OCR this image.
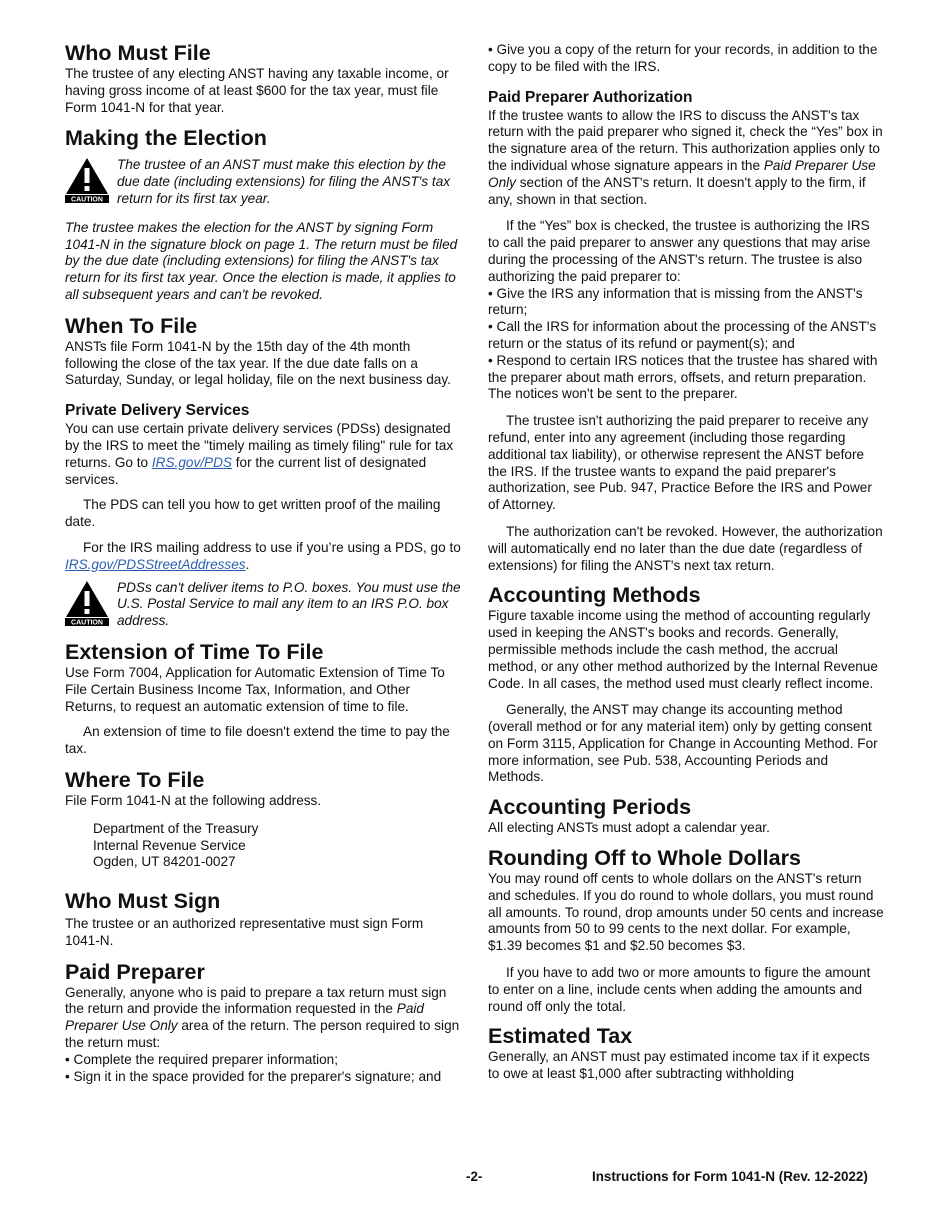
Who Must File

The trustee of any electing ANST having any taxable income, or having gross income of at least $600 for the tax year, must file Form 1041-N for that year.

Making the Election
CAUTION

The trustee of an ANST must make this election by the due date (including extensions) for filing the ANST's tax return for its first tax year.

The trustee makes the election for the ANST by signing Form 1041-N in the signature block on page 1. The return must be filed by the due date (including extensions) for filing the ANST's tax return for its first tax year. Once the election is made, it applies to all subsequent years and can't be revoked.

When To File

ANSTs file Form 1041-N by the 15th day of the 4th month following the close of the tax year. If the due date falls on a Saturday, Sunday, or legal holiday, file on the next business day.

Private Delivery Services

You can use certain private delivery services (PDSs) designated by the IRS to meet the "timely mailing as timely filing" rule for tax returns. Go to IRS.gov/PDS for the current list of designated services.

The PDS can tell you how to get written proof of the mailing date.

For the IRS mailing address to use if you’re using a PDS, go to IRS.gov/PDSStreetAddresses.

CAUTION

PDSs can't deliver items to P.O. boxes. You must use the U.S. Postal Service to mail any item to an IRS P.O. box address.

Extension of Time To File

Use Form 7004, Application for Automatic Extension of Time To File Certain Business Income Tax, Information, and Other Returns, to request an automatic extension of time to file.

An extension of time to file doesn't extend the time to pay the tax.

Where To File

File Form 1041-N at the following address.

Department of the Treasury

Internal Revenue Service

Ogden, UT 84201-0027

Who Must Sign

The trustee or an authorized representative must sign Form 1041-N.

Paid Preparer

Generally, anyone who is paid to prepare a tax return must sign the return and provide the information requested in the Paid Preparer Use Only area of the return. The person required to sign the return must:

• Complete the required preparer information;

• Sign it in the space provided for the preparer's signature; and

• Give you a copy of the return for your records, in addition to the copy to be filed with the IRS.

Paid Preparer Authorization

If the trustee wants to allow the IRS to discuss the ANST's tax return with the paid preparer who signed it, check the “Yes” box in the signature area of the return. This authorization applies only to the individual whose signature appears in the Paid Preparer Use Only section of the ANST's return. It doesn't apply to the firm, if any, shown in that section.

If the “Yes” box is checked, the trustee is authorizing the IRS to call the paid preparer to answer any questions that may arise during the processing of the ANST's return. The trustee is also authorizing the paid preparer to:

• Give the IRS any information that is missing from the ANST's return;

• Call the IRS for information about the processing of the ANST's return or the status of its refund or payment(s); and

• Respond to certain IRS notices that the trustee has shared with the preparer about math errors, offsets, and return preparation. The notices won't be sent to the preparer.

The trustee isn't authorizing the paid preparer to receive any refund, enter into any agreement (including those regarding additional tax liability), or otherwise represent the ANST before the IRS. If the trustee wants to expand the paid preparer's authorization, see Pub. 947, Practice Before the IRS and Power of Attorney.

The authorization can't be revoked. However, the authorization will automatically end no later than the due date (regardless of extensions) for filing the ANST's next tax return.

Accounting Methods

Figure taxable income using the method of accounting regularly used in keeping the ANST's books and records. Generally, permissible methods include the cash method, the accrual method, or any other method authorized by the Internal Revenue Code. In all cases, the method used must clearly reflect income.

Generally, the ANST may change its accounting method (overall method or for any material item) only by getting consent on Form 3115, Application for Change in Accounting Method. For more information, see Pub. 538, Accounting Periods and Methods.

Accounting Periods

All electing ANSTs must adopt a calendar year.

Rounding Off to Whole Dollars

You may round off cents to whole dollars on the ANST's return and schedules. If you do round to whole dollars, you must round all amounts. To round, drop amounts under 50 cents and increase amounts from 50 to 99 cents to the next dollar. For example, $1.39 becomes $1 and $2.50 becomes $3.

If you have to add two or more amounts to figure the amount to enter on a line, include cents when adding the amounts and round off only the total.

Estimated Tax

Generally, an ANST must pay estimated income tax if it expects to owe at least $1,000 after subtracting withholding

-2-	Instructions for Form 1041-N (Rev. 12-2022)
